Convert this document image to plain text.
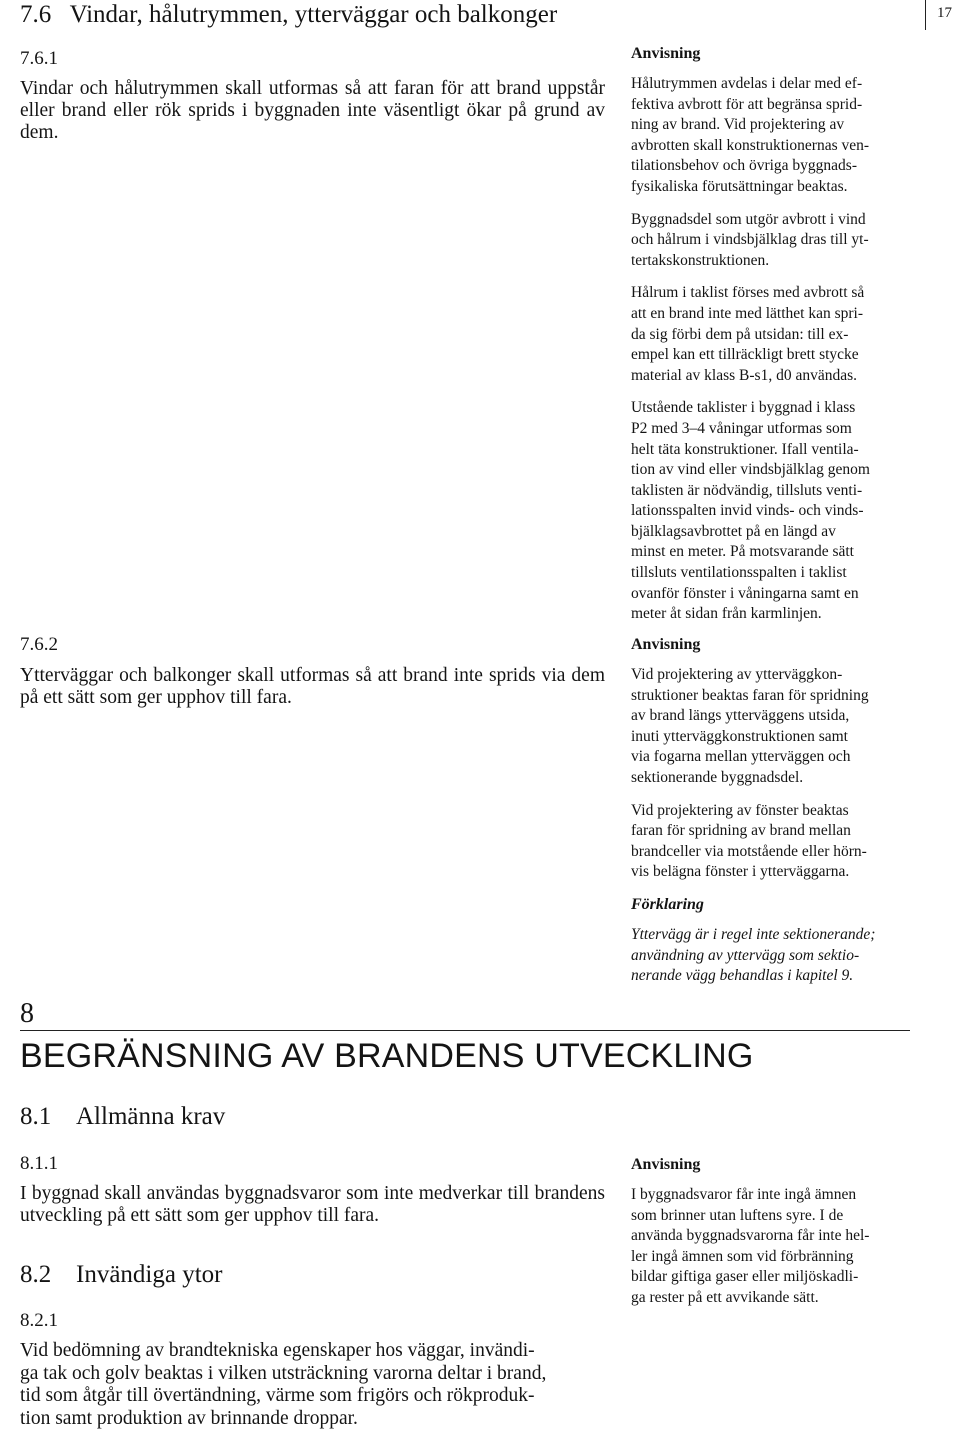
7.6 Vindar, hålutrymmen, ytterväggar och balkonger	17
7.6.1
Vindar och hålutrymmen skall utformas så att faran för att brand uppstår eller brand eller rök sprids i byggnaden inte väsentligt ökar på grund av dem.
7.6.2
Ytterväggar och balkonger skall utformas så att brand inte sprids via dem på ett sätt som ger upphov till fara.
Anvisning
Hålutrymmen avdelas i delar med ef-
fektiva avbrott för att begränsa sprid-
ning av brand. Vid projektering av
avbrotten skall konstruktionernas ven-
tilationsbehov och övriga byggnads-
fysikaliska förutsättningar beaktas.
Byggnadsdel som utgör avbrott i vind
och hålrum i vindsbjälklag dras till yt-
tertakskonstruktionen.
Hålrum i taklist förses med avbrott så
att en brand inte med lätthet kan spri-
da sig förbi dem på utsidan: till ex-
empel kan ett tillräckligt brett stycke
material av klass B-s1, d0 användas.
Utstående taklister i byggnad i klass
P2 med 3–4 våningar utformas som
helt täta konstruktioner. Ifall ventila-
tion av vind eller vindsbjälklag genom
taklisten är nödvändig, tillsluts venti-
lationsspalten invid vinds- och vinds-
bjälklagsavbrottet på en längd av
minst en meter. På motsvarande sätt
tillsluts ventilationsspalten i taklist
ovanför fönster i våningarna samt en
meter åt sidan från karmlinjen.
Anvisning
Vid projektering av ytterväggkon-
struktioner beaktas faran för spridning
av brand längs ytterväggens utsida,
inuti ytterväggkonstruktionen samt
via fogarna mellan ytterväggen och
sektionerande byggnadsdel.
Vid projektering av fönster beaktas
faran för spridning av brand mellan
brandceller via motstående eller hörn-
vis belägna fönster i ytterväggarna.
Förklaring
Yttervägg är i regel inte sektionerande;
användning av yttervägg som sektio-
nerande vägg behandlas i kapitel 9.
8
BEGRÄNSNING AV BRANDENS UTVECKLING
8.1 Allmänna krav
8.1.1
I byggnad skall användas byggnadsvaror som inte medverkar till brandens utveckling på ett sätt som ger upphov till fara.
Anvisning
I byggnadsvaror får inte ingå ämnen
som brinner utan luftens syre. I de
använda byggnadsvarorna får inte hel-
ler ingå ämnen som vid förbränning
bildar giftiga gaser eller miljöskadli-
ga rester på ett avvikande sätt.
8.2 Invändiga ytor
8.2.1
Vid bedömning av brandtekniska egenskaper hos väggar, invändi-
ga tak och golv beaktas i vilken utsträckning varorna deltar i brand,
tid som åtgår till övertändning, värme som frigörs och rökproduk-
tion samt produktion av brinnande droppar.
